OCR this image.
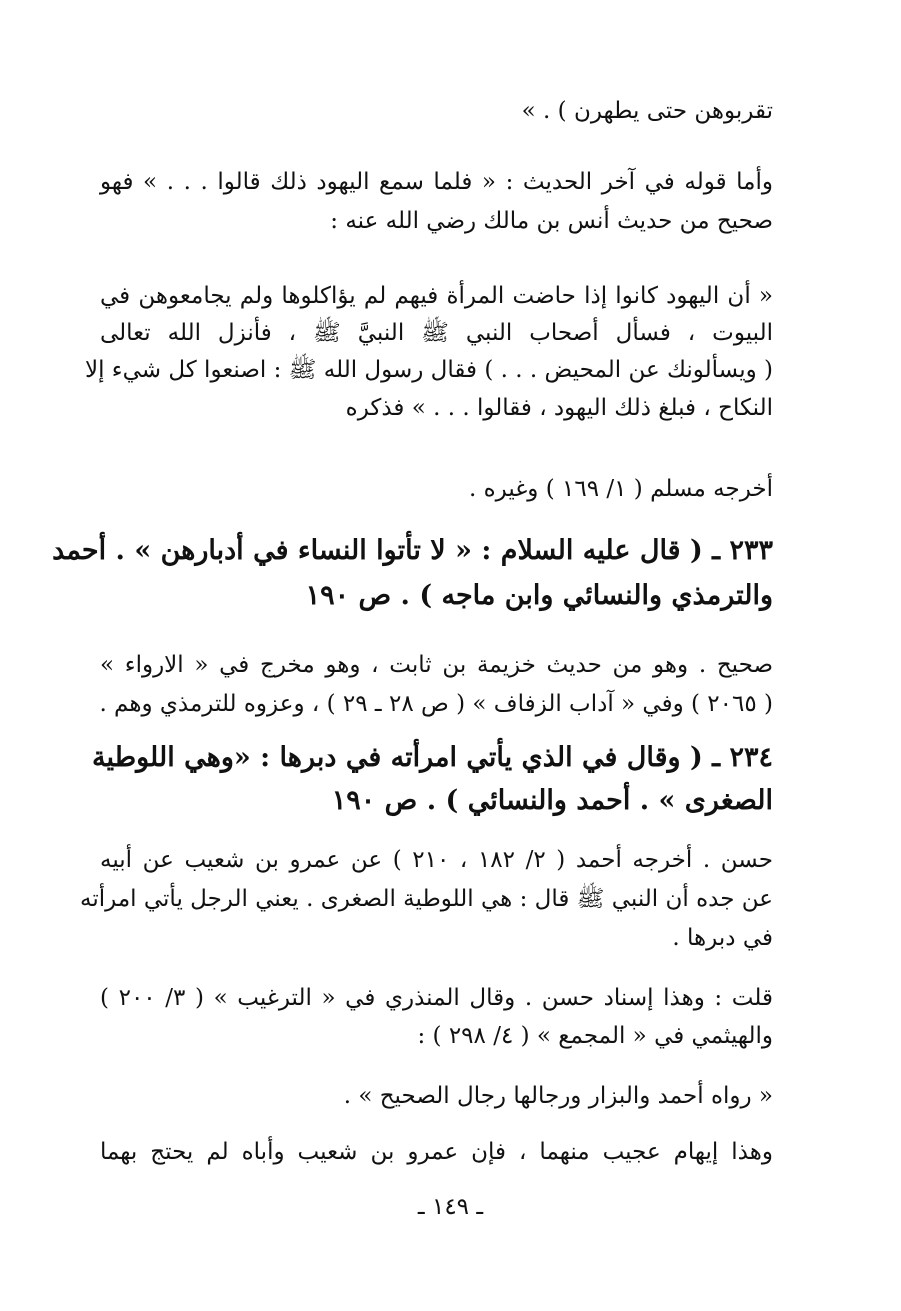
تقربوهن حتى يطهرن ) . »
وأما قوله في آخر الحديث : « فلما سمع اليهود ذلك قالوا . . . » فهو
صحيح من حديث أنس بن مالك رضي الله عنه :
« أن اليهود كانوا إذا حاضت المرأة فيهم لم يؤاكلوها ولم يجامعوهن في
البيوت ، فسأل أصحاب النبي ﷺ النبيَّ ﷺ ، فأنزل الله تعالى
( ويسألونك عن المحيض . . . ) فقال رسول الله ﷺ : اصنعوا كل شيء إلا
النكاح ، فبلغ ذلك اليهود ، فقالوا . . . » فذكره
أخرجه مسلم ( ١/ ١٦٩ ) وغيره .
٢٣٣ ـ ( قال عليه السلام : « لا تأتوا النساء في أدبارهن » . أحمد
والترمذي والنسائي وابن ماجه ) . ص ١٩٠
صحيح . وهو من حديث خزيمة بن ثابت ، وهو مخرج في « الارواء »
( ٢٠٦٥ ) وفي « آداب الزفاف » ( ص ٢٨ ـ ٢٩ ) ، وعزوه للترمذي وهم .
٢٣٤ ـ ( وقال في الذي يأتي امرأته في دبرها : «وهي اللوطية
الصغرى » . أحمد والنسائي ) . ص ١٩٠
حسن . أخرجه أحمد ( ٢/ ١٨٢ ، ٢١٠ ) عن عمرو بن شعيب عن أبيه
عن جده أن النبي ﷺ قال : هي اللوطية الصغرى . يعني الرجل يأتي امرأته
في دبرها .
قلت : وهذا إسناد حسن . وقال المنذري في « الترغيب » ( ٣/ ٢٠٠ )
والهيثمي في « المجمع » ( ٤/ ٢٩٨ ) :
« رواه أحمد والبزار ورجالها رجال الصحيح » .
وهذا إيهام عجيب منهما ، فإن عمرو بن شعيب وأباه لم يحتج بهما
ـ ١٤٩ ـ
